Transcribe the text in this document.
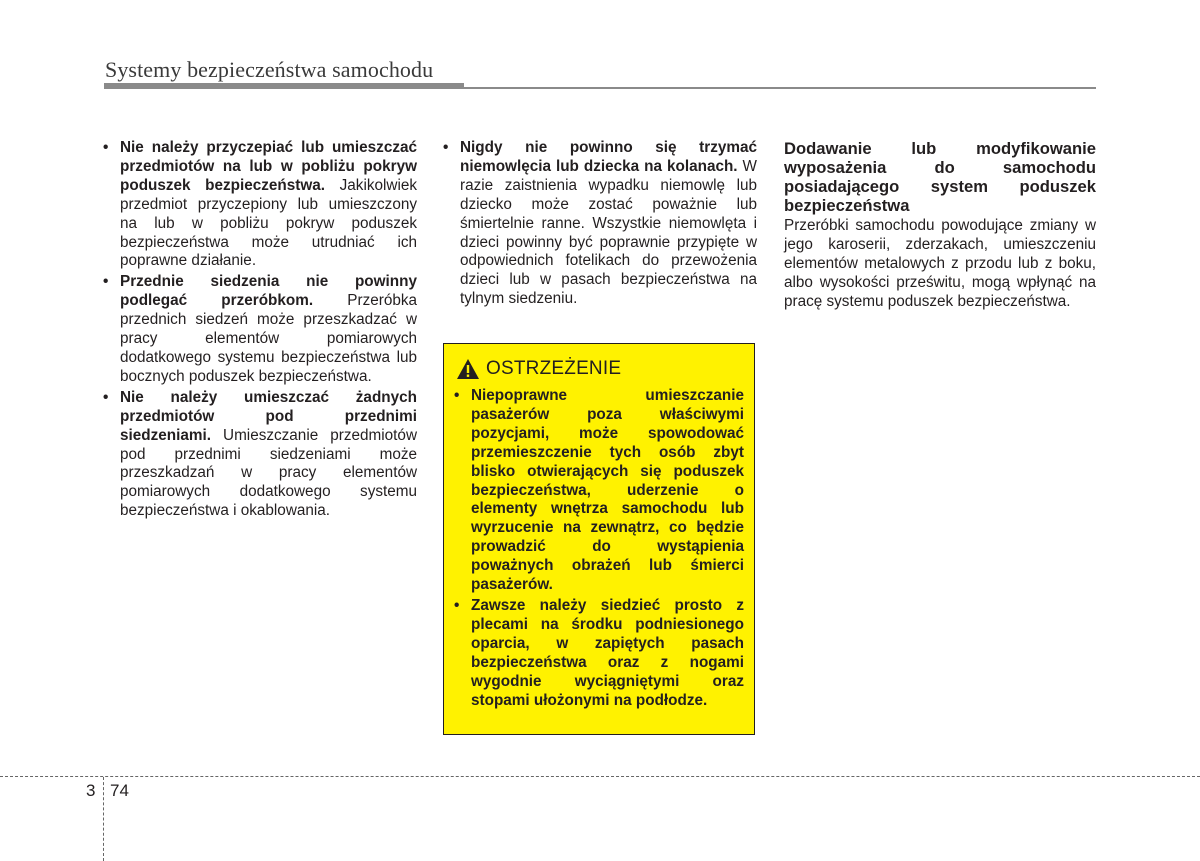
Systemy bezpieczeństwa samochodu
• Nie należy przyczepiać lub umieszczać przedmiotów na lub w pobliżu pokryw poduszek bezpieczeństwa. Jakikolwiek przedmiot przyczepiony lub umieszczony na lub w pobliżu pokryw poduszek bezpieczeństwa może utrudniać ich poprawne działanie.
• Przednie siedzenia nie powinny podlegać przeróbkom. Przeróbka przednich siedzeń może przeszkadzać w pracy elementów pomiarowych dodatkowego systemu bezpieczeństwa lub bocznych poduszek bezpieczeństwa.
• Nie należy umieszczać żadnych przedmiotów pod przednimi siedzeniami. Umieszczanie przedmiotów pod przednimi siedzeniami może przeszkadzań w pracy elementów pomiarowych dodatkowego systemu bezpieczeństwa i okablowania.
• Nigdy nie powinno się trzymać niemowlęcia lub dziecka na kolanach. W razie zaistnienia wypadku niemowlę lub dziecko może zostać poważnie lub śmiertelnie ranne. Wszystkie niemowlęta i dzieci powinny być poprawnie przypięte w odpowiednich fotelikach do przewożenia dzieci lub w pasach bezpieczeństwa na tylnym siedzeniu.
OSTRZEŻENIE
• Niepoprawne umieszczanie pasażerów poza właściwymi pozycjami, może spowodować przemieszczenie tych osób zbyt blisko otwierających się poduszek bezpieczeństwa, uderzenie o elementy wnętrza samochodu lub wyrzucenie na zewnątrz, co będzie prowadzić do wystąpienia poważnych obrażeń lub śmierci pasażerów.
• Zawsze należy siedzieć prosto z plecami na środku podniesionego oparcia, w zapiętych pasach bezpieczeństwa oraz z nogami wygodnie wyciągniętymi oraz stopami ułożonymi na podłodze.

Dodawanie lub modyfikowanie wyposażenia do samochodu posiadającego system poduszek bezpieczeństwa

Przeróbki samochodu powodujące zmiany w jego karoserii, zderzakach, umieszczeniu elementów metalowych z przodu lub z boku, albo wysokości prześwitu, mogą wpłynąć na pracę systemu poduszek bezpieczeństwa.

3 74
